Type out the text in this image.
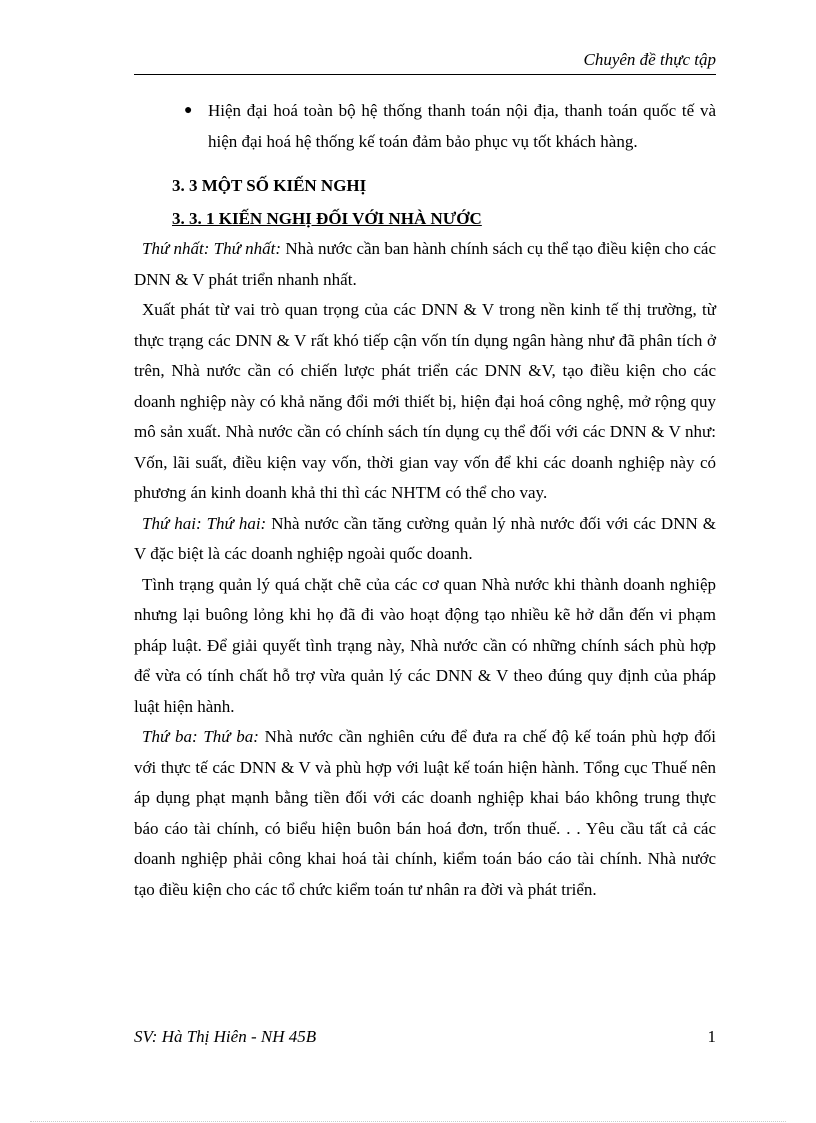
Chuyên đề thực tập
● Hiện đại hoá toàn bộ hệ thống thanh toán nội địa, thanh toán quốc tế và hiện đại hoá hệ thống kế toán đảm bảo phục vụ tốt khách hàng.
3. 3 MỘT SỐ KIẾN NGHỊ
3. 3. 1 KIẾN NGHỊ ĐỐI VỚI NHÀ NƯỚC

Thứ nhất: Thứ nhất: Nhà nước cần ban hành chính sách cụ thể tạo điều kiện cho các DNN & V phát triển nhanh nhất.

Xuất phát từ vai trò quan trọng của các DNN & V trong nền kinh tế thị trường, từ thực trạng các DNN & V rất khó tiếp cận vốn tín dụng ngân hàng như đã phân tích ở trên, Nhà nước cần có chiến lược phát triển các DNN &V, tạo điều kiện cho các doanh nghiệp này có khả năng đổi mới thiết bị, hiện đại hoá công nghệ, mở rộng quy mô sản xuất. Nhà nước cần có chính sách tín dụng cụ thể đối với các DNN & V như: Vốn, lãi suất, điều kiện vay vốn, thời gian vay vốn để khi các doanh nghiệp này có phương án kinh doanh khả thi thì các NHTM có thể cho vay.

Thứ hai: Thứ hai: Nhà nước cần tăng cường quản lý nhà nước đối với các DNN & V đặc biệt là các doanh nghiệp ngoài quốc doanh.

Tình trạng quản lý quá chặt chẽ của các cơ quan Nhà nước khi thành doanh nghiệp nhưng lại buông lỏng khi họ đã đi vào hoạt động tạo nhiều kẽ hở dẫn đến vi phạm pháp luật. Để giải quyết tình trạng này, Nhà nước cần có những chính sách phù hợp để vừa có tính chất hỗ trợ vừa quản lý các DNN & V theo đúng quy định của pháp luật hiện hành.

Thứ ba: Thứ ba: Nhà nước cần nghiên cứu để đưa ra chế độ kế toán phù hợp đối với thực tế các DNN & V và phù hợp với luật kế toán hiện hành. Tổng cục Thuế nên áp dụng phạt mạnh bằng tiền đối với các doanh nghiệp khai báo không trung thực báo cáo tài chính, có biểu hiện buôn bán hoá đơn, trốn thuế. . . Yêu cầu tất cả các doanh nghiệp phải công khai hoá tài chính, kiểm toán báo cáo tài chính. Nhà nước tạo điều kiện cho các tổ chức kiểm toán tư nhân ra đời và phát triển.

SV: Hà Thị Hiên - NH 45B	1
